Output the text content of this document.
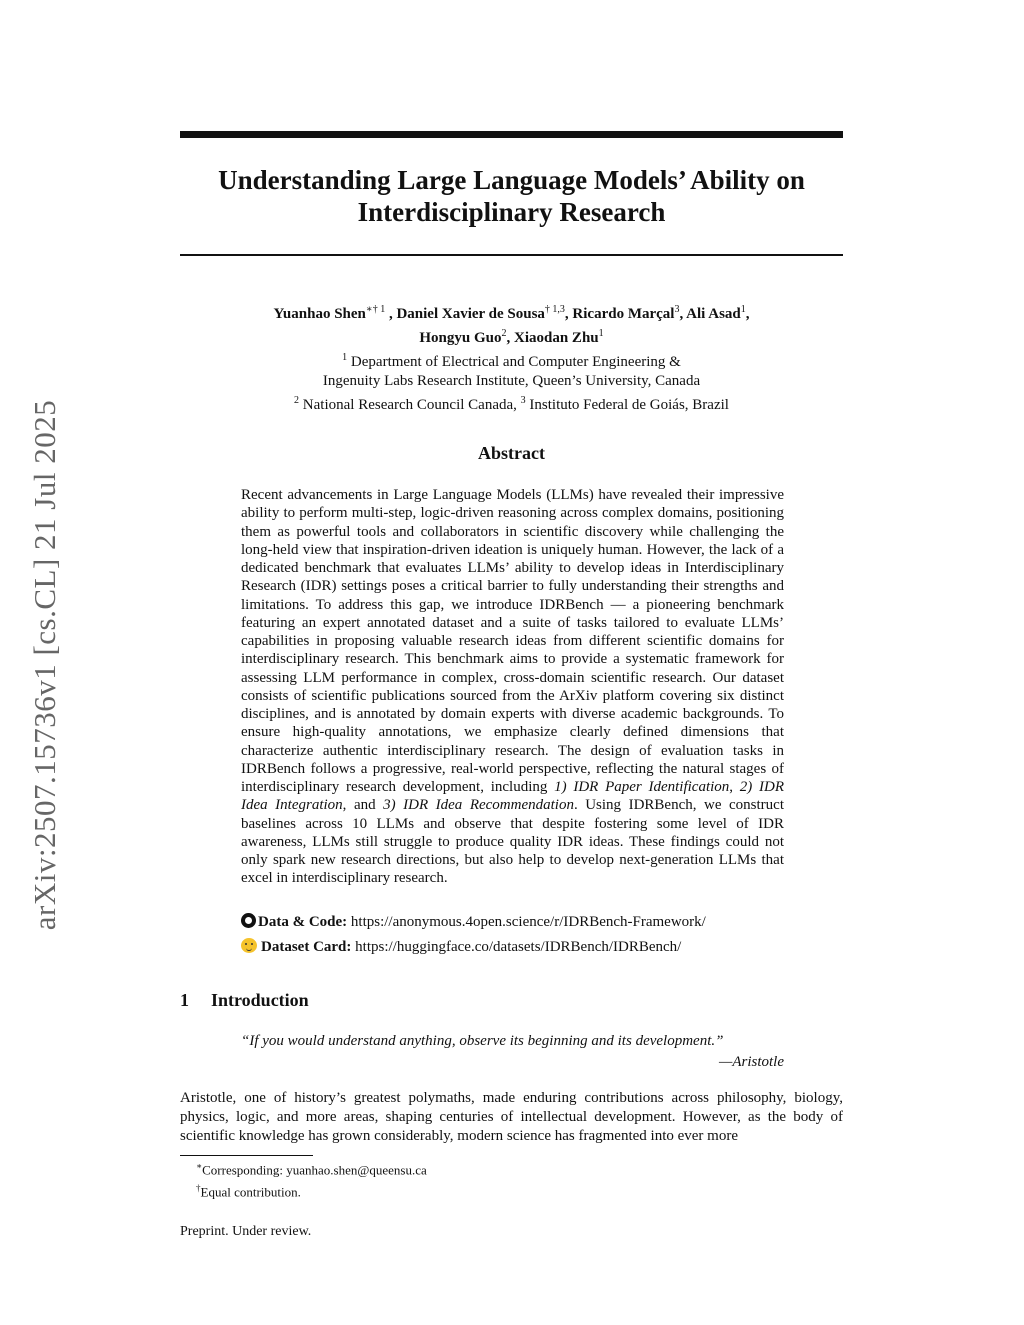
arXiv:2507.15736v1 [cs.CL] 21 Jul 2025
Understanding Large Language Models’ Ability on
Interdisciplinary Research
Yuanhao Shen$^{∗\dagger 1}$ , Daniel Xavier de Sousa$^{\dagger 1,3}$, Ricardo Marçal$^3$, Ali Asad$^1$,
Hongyu Guo$^2$, Xiaodan Zhu$^1$
$^1$ Department of Electrical and Computer Engineering &
Ingenuity Labs Research Institute, Queen’s University, Canada
$^2$ National Research Council Canada, $^3$ Instituto Federal de Goiás, Brazil
Abstract
Recent advancements in Large Language Models (LLMs) have revealed their impressive ability to perform multi-step, logic-driven reasoning across complex domains, positioning them as powerful tools and collaborators in scientific discovery while challenging the long-held view that inspiration-driven ideation is uniquely human. However, the lack of a dedicated benchmark that evaluates LLMs’ ability to develop ideas in Interdisciplinary Research (IDR) settings poses a critical barrier to fully understanding their strengths and limitations. To address this gap, we introduce IDRBench — a pioneering benchmark featuring an expert annotated dataset and a suite of tasks tailored to evaluate LLMs’ capabilities in proposing valuable research ideas from different scientific domains for interdisciplinary research. This benchmark aims to provide a systematic framework for assessing LLM performance in complex, cross-domain scientific research. Our dataset consists of scientific publications sourced from the ArXiv platform covering six distinct disciplines, and is annotated by domain experts with diverse academic backgrounds. To ensure high-quality annotations, we emphasize clearly defined dimensions that characterize authentic interdisciplinary research. The design of evaluation tasks in IDRBench follows a progressive, real-world perspective, reflecting the natural stages of interdisciplinary research development, including 1) IDR Paper Identification, 2) IDR Idea Integration, and 3) IDR Idea Recommendation. Using IDRBench, we construct baselines across 10 LLMs and observe that despite fostering some level of IDR awareness, LLMs still struggle to produce quality IDR ideas. These findings could not only spark new research directions, but also help to develop next-generation LLMs that excel in interdisciplinary research.
Data & Code: https://anonymous.4open.science/r/IDRBench-Framework/
Dataset Card: https://huggingface.co/datasets/IDRBench/IDRBench/
1 Introduction
“If you would understand anything, observe its beginning and its development.”
—Aristotle
Aristotle, one of history’s greatest polymaths, made enduring contributions across philosophy, biology, physics, logic, and more areas, shaping centuries of intellectual development. However, as the body of scientific knowledge has grown considerably, modern science has fragmented into ever more
∗Corresponding: yuanhao.shen@queensu.ca
†Equal contribution.
Preprint. Under review.
